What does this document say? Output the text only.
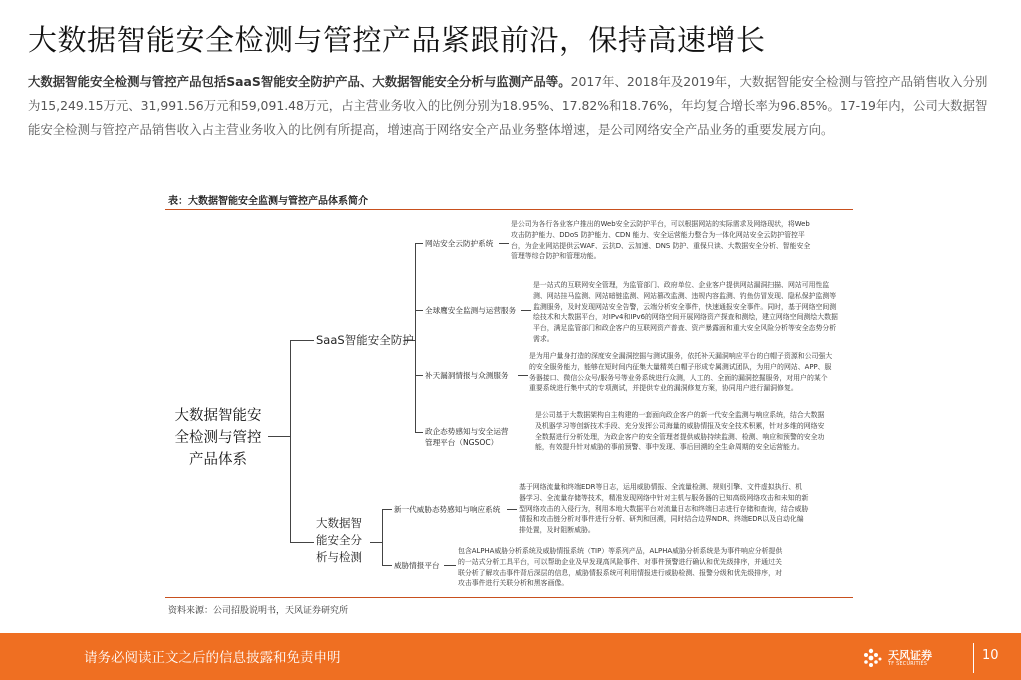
大数据智能安全检测与管控产品紧跟前沿，保持高速增长
大数据智能安全检测与管控产品包括SaaS智能安全防护产品、大数据智能安全分析与监测产品等。2017年、2018年及2019年，大数据智能安全检测与管控产品销售收入分别为15,249.15万元、31,991.56万元和59,091.48万元，占主营业务收入的比例分别为18.95%、17.82%和18.76%，年均复合增长率为96.85%。17-19年内，公司大数据智能安全检测与管控产品销售收入占主营业务收入的比例有所提高，增速高于网络安全产品业务整体增速，是公司网络安全产品业务的重要发展方向。
表：大数据智能安全监测与管控产品体系简介
大数据智能安全检测与管控产品体系
SaaS智能安全防护
大数据智能安全分析与检测
网站安全云防护系统
全球鹰安全监测与运营服务
补天漏洞情报与众测服务
政企态势感知与安全运营管理平台（NGSOC）
新一代威胁态势感知与响应系统
威胁情报平台
是公司为各行各业客户推出的Web安全云防护平台，可以根据网站的实际需求及网络现状，将Web攻击防护能力、DDoS 防护能力、CDN 能力、安全运营能力整合为一体化网站安全云防护管控平台，为企业网站提供云WAF、云抗D、云加速、DNS 防护、重保只读、大数据安全分析、智能安全管理等综合防护和管理功能。
是一站式的互联网安全管理，为监管部门、政府单位、企业客户提供网站漏洞扫描、网站可用性监测、网站挂马监测、网站暗链监测、网站篡改监测、违规内容监测、钓鱼仿冒发现、隐私保护监测等监测服务，及时发现网站安全告警，云端分析安全事件，快速通报安全事件。同时，基于网络空间测绘技术和大数据平台，对IPv4和IPv6的网络空间开展网络资产探查和测绘，建立网络空间测绘大数据平台，满足监管部门和政企客户的互联网资产普查、资产暴露面和重大安全风险分析等安全态势分析需求。
是为用户量身打造的深度安全漏洞挖掘与测试服务，依托补天漏洞响应平台的白帽子资源和公司强大的安全服务能力，能够在短时间内征集大量精英白帽子形成专属测试团队，为用户的网站、APP、服务器接口、微信公众号/服务号等业务系统进行众测，人工的、全面的漏洞挖掘服务，对用户的某个重要系统进行集中式的专项测试，并提供专业的漏洞修复方案，协同用户进行漏洞修复。
是公司基于大数据架构自主构建的一套面向政企客户的新一代安全监测与响应系统，结合大数据及机器学习等创新技术手段、充分发挥公司海量的威胁情报及安全技术积累，针对多维的网络安全数据进行分析处理，为政企客户的安全管理者提供威胁持续监测、检测、响应和预警的安全功能，有效提升针对威胁的事前预警、事中发现、事后回溯的全生命周期的安全运营能力。
基于网络流量和终端EDR等日志，运用威胁情报、全流量检测、规则引擎、文件虚拟执行、机器学习、全流量存储等技术，精准发现网络中针对主机与服务器的已知高级网络攻击和未知的新型网络攻击的入侵行为，利用本地大数据平台对流量日志和终端日志进行存储和查询，结合威胁情报和攻击链分析对事件进行分析、研判和回溯，同时结合边界NDR、终端EDR以及自动化编排处置，及时阻断威胁。
包含ALPHA威胁分析系统及威胁情报系统（TIP）等系列产品，ALPHA威胁分析系统是为事件响应分析提供的一站式分析工具平台，可以帮助企业及早发现高风险事件、对事件预警进行确认和优先级排序，并通过关联分析了解攻击事件背后深层的信息，威胁情报系统可利用情报进行威胁检测、报警分级和优先级排序，对攻击事件进行关联分析和黑客画像。
资料来源：公司招股说明书，天风证券研究所
请务必阅读正文之后的信息披露和免责申明	天风证券
TF SECURITIES
10
